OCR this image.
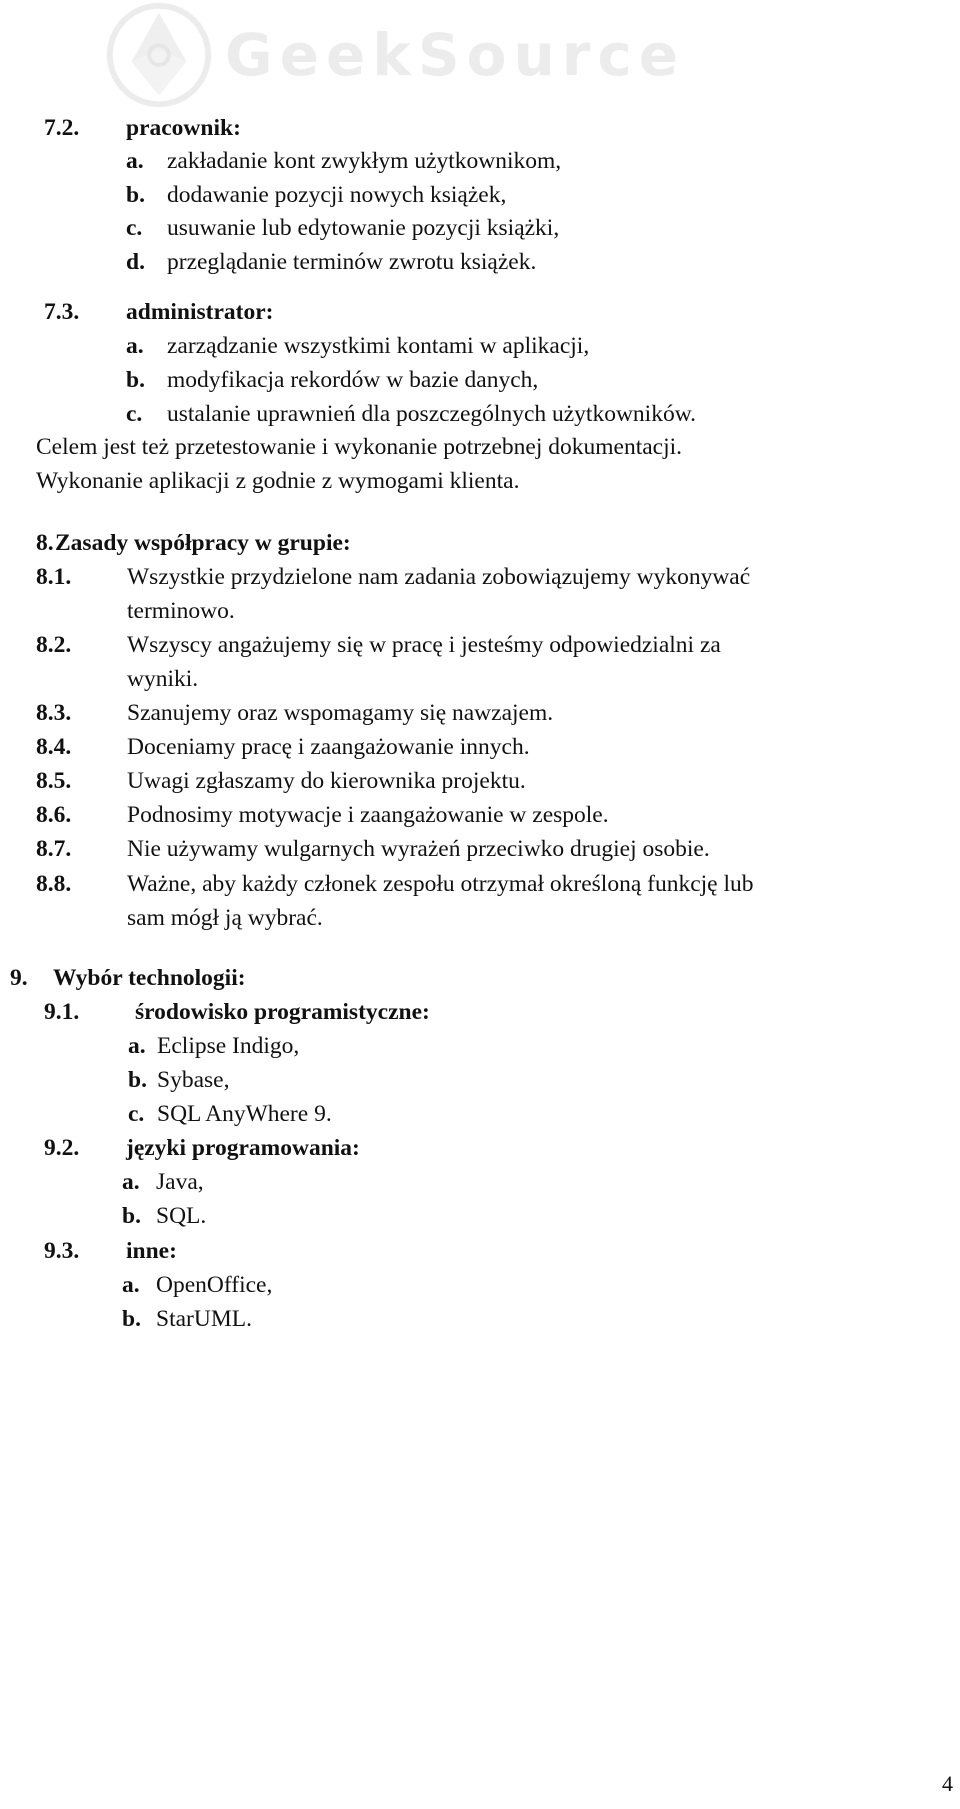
GeekSource
7.2. pracownik:
a. zakładanie kont zwykłym użytkownikom,
b. dodawanie pozycji nowych książek,
c. usuwanie lub edytowanie pozycji książki,
d. przeglądanie terminów zwrotu książek.
7.3. administrator:
a. zarządzanie wszystkimi kontami w aplikacji,
b. modyfikacja rekordów w bazie danych,
c. ustalanie uprawnień dla poszczególnych użytkowników.
Celem jest też przetestowanie i wykonanie potrzebnej dokumentacji.
Wykonanie aplikacji z godnie z wymogami klienta.
8. Zasady współpracy w grupie:
8.1. Wszystkie przydzielone nam zadania zobowiązujemy wykonywać
terminowo.
8.2. Wszyscy angażujemy się w pracę i jesteśmy odpowiedzialni za
wyniki.
8.3. Szanujemy oraz wspomagamy się nawzajem.
8.4. Doceniamy pracę i zaangażowanie innych.
8.5. Uwagi zgłaszamy do kierownika projektu.
8.6. Podnosimy motywacje i zaangażowanie w zespole.
8.7. Nie używamy wulgarnych wyrażeń przeciwko drugiej osobie.
8.8. Ważne, aby każdy członek zespołu otrzymał określoną funkcję lub
sam mógł ją wybrać.
9. Wybór technologii:
9.1. środowisko programistyczne:
a. Eclipse Indigo,
b. Sybase,
c. SQL AnyWhere 9.
9.2. języki programowania:
a. Java,
b. SQL.
9.3. inne:
a. OpenOffice,
b. StarUML.
4
